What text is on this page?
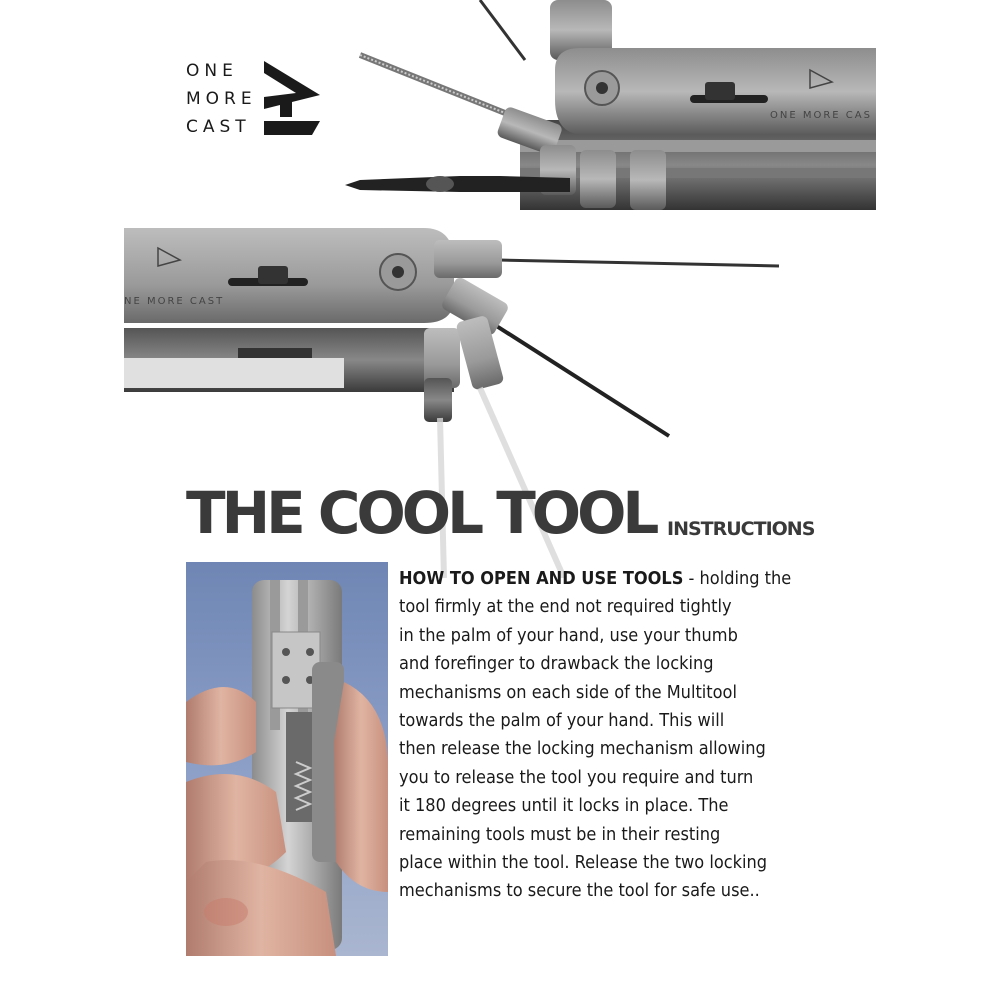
ONE
MORE
CAST
ONE MORE CAS
NE MORE CAST
THE COOL TOOL INSTRUCTIONS
HOW TO OPEN AND USE TOOLS - holding the
tool firmly at the end not required tightly
in the palm of your hand, use your thumb
and forefinger to drawback the locking
mechanisms on each side of the Multitool
towards the palm of your hand. This will
then release the locking mechanism allowing
you to release the tool you require and turn
it 180 degrees until it locks in place. The
remaining tools must be in their resting
place within the tool. Release the two locking
mechanisms to secure the tool for safe use..
